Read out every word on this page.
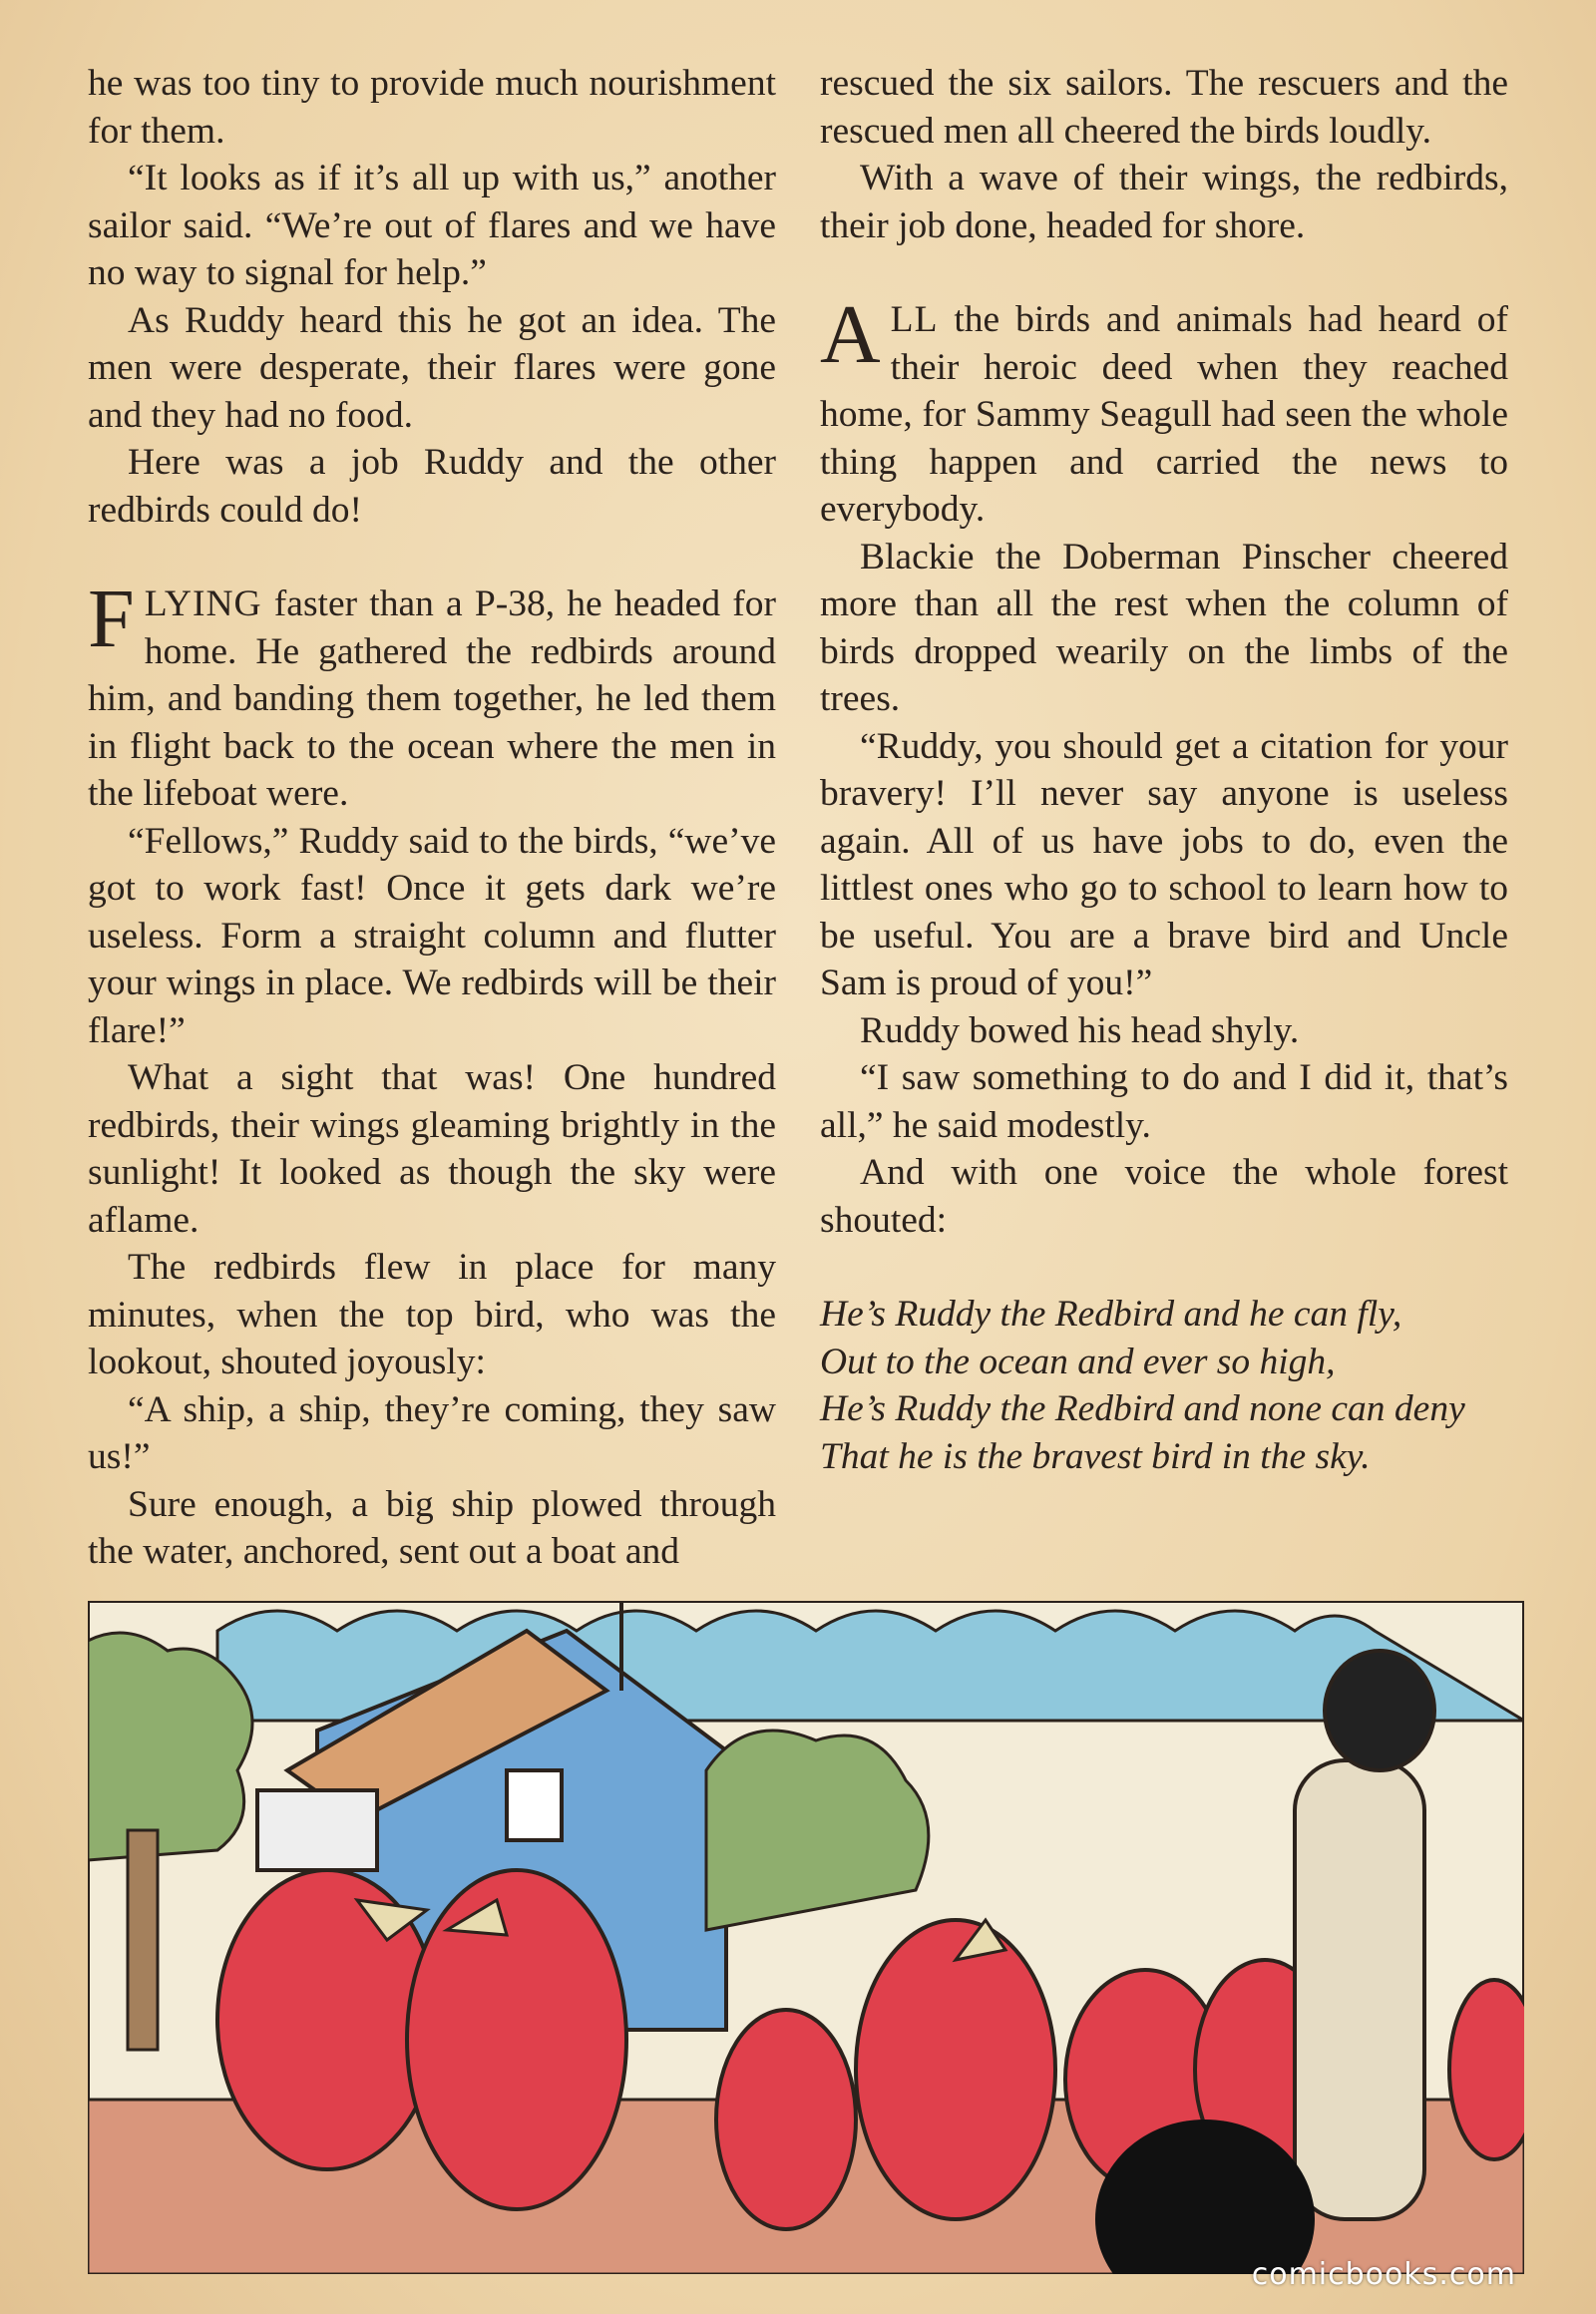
he was too tiny to provide much nourishment for them.

“It looks as if it’s all up with us,” another sailor said. “We’re out of flares and we have no way to signal for help.”

As Ruddy heard this he got an idea. The men were desperate, their flares were gone and they had no food.

Here was a job Ruddy and the other redbirds could do!

FLYING faster than a P-38, he headed for home. He gathered the redbirds around him, and banding them together, he led them in flight back to the ocean where the men in the lifeboat were.

“Fellows,” Ruddy said to the birds, “we’ve got to work fast! Once it gets dark we’re useless. Form a straight column and flutter your wings in place. We redbirds will be their flare!”

What a sight that was! One hundred redbirds, their wings gleaming brightly in the sunlight! It looked as though the sky were aflame.

The redbirds flew in place for many minutes, when the top bird, who was the lookout, shouted joyously:

“A ship, a ship, they’re coming, they saw us!”

Sure enough, a big ship plowed through the water, anchored, sent out a boat and

rescued the six sailors. The rescuers and the rescued men all cheered the birds loudly.

With a wave of their wings, the redbirds, their job done, headed for shore.

ALL the birds and animals had heard of their heroic deed when they reached home, for Sammy Seagull had seen the whole thing happen and carried the news to everybody.

Blackie the Doberman Pinscher cheered more than all the rest when the column of birds dropped wearily on the limbs of the trees.

“Ruddy, you should get a citation for your bravery! I’ll never say anyone is useless again. All of us have jobs to do, even the littlest ones who go to school to learn how to be useful. You are a brave bird and Uncle Sam is proud of you!”

Ruddy bowed his head shyly.

“I saw something to do and I did it, that’s all,” he said modestly.

And with one voice the whole forest shouted:

He’s Ruddy the Redbird and he can fly,

Out to the ocean and ever so high,

He’s Ruddy the Redbird and none can deny

That he is the bravest bird in the sky.

comicbooks.com
